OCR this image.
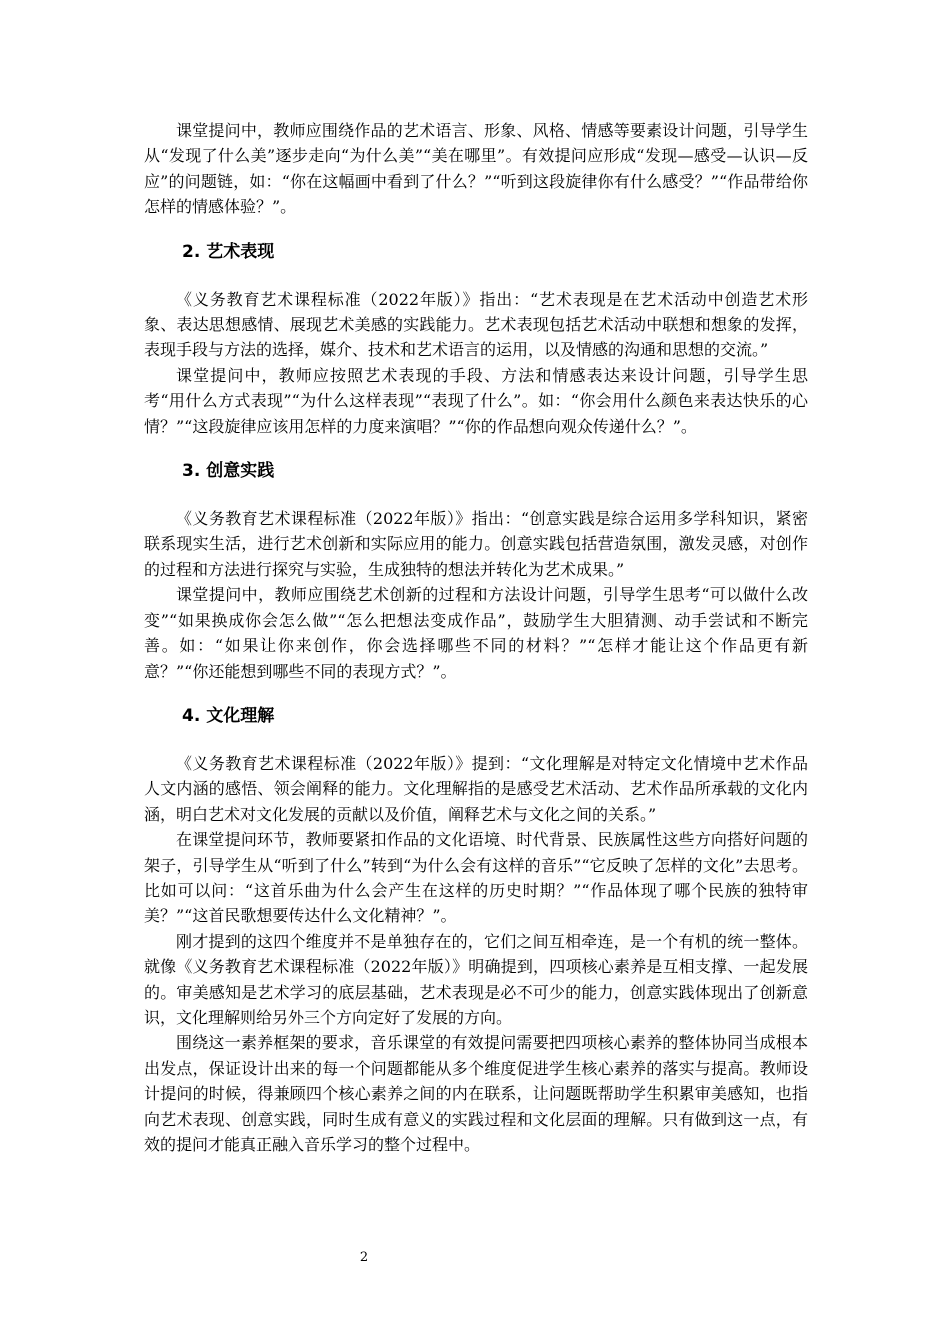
课堂提问中，教师应围绕作品的艺术语言、形象、风格、情感等要素设计问题，引导学生从“发现了什么美”逐步走向“为什么美”“美在哪里”。有效提问应形成“发现—感受—认识—反应”的问题链，如：“你在这幅画中看到了什么？”“听到这段旋律你有什么感受？”“作品带给你怎样的情感体验？”。

2. 艺术表现

《义务教育艺术课程标准（2022年版）》指出：“艺术表现是在艺术活动中创造艺术形象、表达思想感情、展现艺术美感的实践能力。艺术表现包括艺术活动中联想和想象的发挥，表现手段与方法的选择，媒介、技术和艺术语言的运用，以及情感的沟通和思想的交流。”

课堂提问中，教师应按照艺术表现的手段、方法和情感表达来设计问题，引导学生思考“用什么方式表现”“为什么这样表现”“表现了什么”。如：“你会用什么颜色来表达快乐的心情？”“这段旋律应该用怎样的力度来演唱？”“你的作品想向观众传递什么？”。

3. 创意实践

《义务教育艺术课程标准（2022年版）》指出：“创意实践是综合运用多学科知识，紧密联系现实生活，进行艺术创新和实际应用的能力。创意实践包括营造氛围，激发灵感，对创作的过程和方法进行探究与实验，生成独特的想法并转化为艺术成果。”

课堂提问中，教师应围绕艺术创新的过程和方法设计问题，引导学生思考“可以做什么改变”“如果换成你会怎么做”“怎么把想法变成作品”，鼓励学生大胆猜测、动手尝试和不断完善。如：“如果让你来创作，你会选择哪些不同的材料？”“怎样才能让这个作品更有新意？”“你还能想到哪些不同的表现方式？”。

4. 文化理解

《义务教育艺术课程标准（2022年版）》提到：“文化理解是对特定文化情境中艺术作品人文内涵的感悟、领会阐释的能力。文化理解指的是感受艺术活动、艺术作品所承载的文化内涵，明白艺术对文化发展的贡献以及价值，阐释艺术与文化之间的关系。”

在课堂提问环节，教师要紧扣作品的文化语境、时代背景、民族属性这些方向搭好问题的架子，引导学生从“听到了什么”转到“为什么会有这样的音乐”“它反映了怎样的文化”去思考。比如可以问：“这首乐曲为什么会产生在这样的历史时期？”“作品体现了哪个民族的独特审美？”“这首民歌想要传达什么文化精神？”。

刚才提到的这四个维度并不是单独存在的，它们之间互相牵连，是一个有机的统一整体。就像《义务教育艺术课程标准（2022年版）》明确提到，四项核心素养是互相支撑、一起发展的。审美感知是艺术学习的底层基础，艺术表现是必不可少的能力，创意实践体现出了创新意识，文化理解则给另外三个方向定好了发展的方向。

围绕这一素养框架的要求，音乐课堂的有效提问需要把四项核心素养的整体协同当成根本出发点，保证设计出来的每一个问题都能从多个维度促进学生核心素养的落实与提高。教师设计提问的时候，得兼顾四个核心素养之间的内在联系，让问题既帮助学生积累审美感知，也指向艺术表现、创意实践，同时生成有意义的实践过程和文化层面的理解。只有做到这一点，有效的提问才能真正融入音乐学习的整个过程中。

2
